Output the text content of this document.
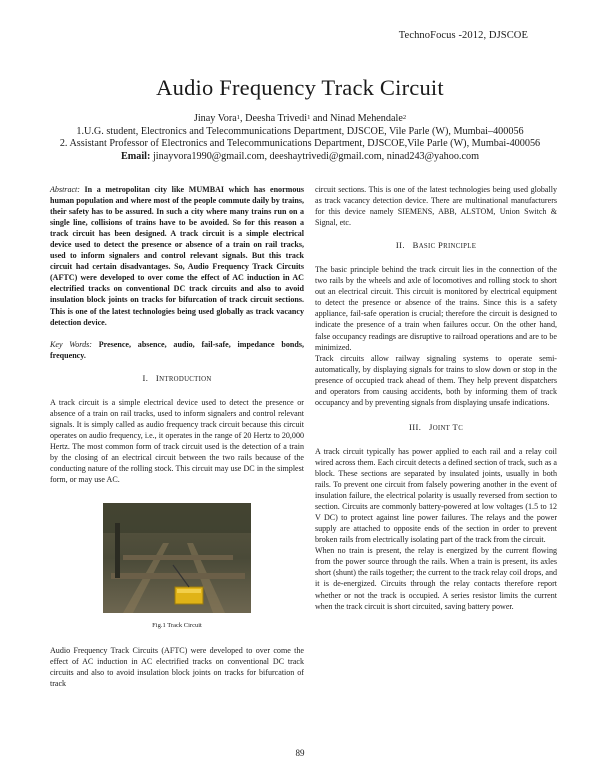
TechnoFocus -2012, DJSCOE
Audio Frequency Track Circuit
Jinay Vora$^1$, Deesha Trivedi$^1$ and Ninad Mehendale$^2$
1.U.G. student, Electronics and Telecommunications Department, DJSCOE, Vile Parle (W), Mumbai–400056
2. Assistant Professor of Electronics and Telecommunications Department, DJSCOE,Vile Parle (W), Mumbai-400056
Email: jinayvora1990@gmail.com, deeshaytrivedi@gmail.com, ninad243@yahoo.com

Abstract: In a metropolitan city like MUMBAI which has enormous human population and where most of the people commute daily by trains, their safety has to be assured. In such a city where many trains run on a single line, collisions of trains have to be avoided. So for this reason a track circuit has been designed. A track circuit is a simple electrical device used to detect the presence or absence of a train on rail tracks, used to inform signalers and control relevant signals. But this track circuit had certain disadvantages. So, Audio Frequency Track Circuits (AFTC) were developed to over come the effect of AC induction in AC electrified tracks on conventional DC track circuits and also to avoid insulation block joints on tracks for bifurcation of track circuit sections. This is one of the latest technologies being used globally as track vacancy detection device.

Key Words: Presence, absence, audio, fail-safe, impedance bonds, frequency.

I. INTRODUCTION

A track circuit is a simple electrical device used to detect the presence or absence of a train on rail tracks, used to inform signalers and control relevant signals. It is simply called as audio frequency track circuit because this circuit operates on audio frequency, i.e., it operates in the range of 20 Hertz to 20,000 Hertz. The most common form of track circuit used is the detection of a train by the closing of an electrical circuit between the two rails because of the conducting nature of the rolling stock. This circuit may use DC in the simplest form, or may use AC.

Fig.1 Track Circuit

Audio Frequency Track Circuits (AFTC) were developed to over come the effect of AC induction in AC electrified tracks on conventional DC track circuits and also to avoid insulation block joints on tracks for bifurcation of track

circuit sections. This is one of the latest technologies being used globally as track vacancy detection device. There are multinational manufacturers for this device namely SIEMENS, ABB, ALSTOM, Union Switch & Signal, etc.

II. BASIC PRINCIPLE

The basic principle behind the track circuit lies in the connection of the two rails by the wheels and axle of locomotives and rolling stock to short out an electrical circuit. This circuit is monitored by electrical equipment to detect the presence or absence of the trains. Since this is a safety appliance, fail-safe operation is crucial; therefore the circuit is designed to indicate the presence of a train when failures occur. On the other hand, false occupancy readings are disruptive to railroad operations and are to be minimized.

Track circuits allow railway signaling systems to operate semi-automatically, by displaying signals for trains to slow down or stop in the presence of occupied track ahead of them. They help prevent dispatchers and operators from causing accidents, both by informing them of track occupancy and by preventing signals from displaying unsafe indications.

III. JOINT TC

A track circuit typically has power applied to each rail and a relay coil wired across them. Each circuit detects a defined section of track, such as a block. These sections are separated by insulated joints, usually in both rails. To prevent one circuit from falsely powering another in the event of insulation failure, the electrical polarity is usually reversed from section to section. Circuits are commonly battery-powered at low voltages (1.5 to 12 V DC) to protect against line power failures. The relays and the power supply are attached to opposite ends of the section in order to prevent broken rails from electrically isolating part of the track from the circuit.

When no train is present, the relay is energized by the current flowing from the power source through the rails. When a train is present, its axles short (shunt) the rails together; the current to the track relay coil drops, and it is de-energized. Circuits through the relay contacts therefore report whether or not the track is occupied. A series resistor limits the current when the track circuit is short circuited, saving battery power.

89
